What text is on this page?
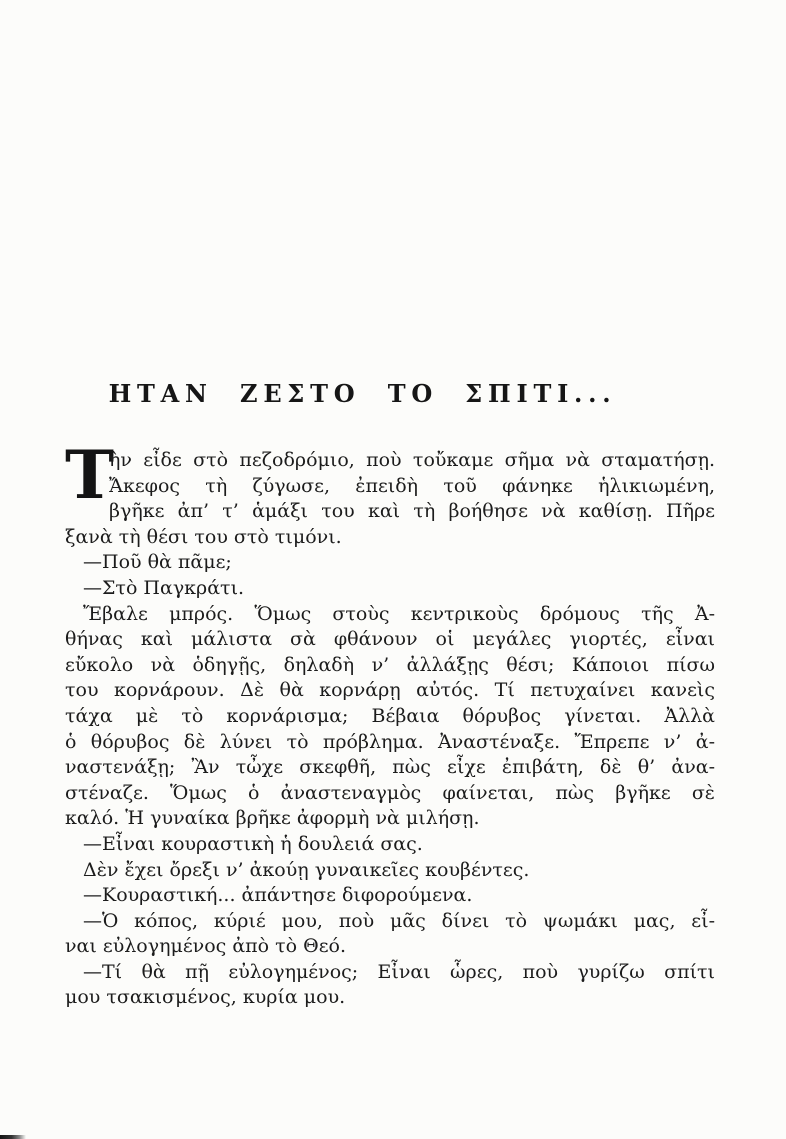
ΗΤΑΝ ΖΕΣΤΟ ΤΟ ΣΠΙΤΙ...
Τ
ὴν εἶδε στὸ πεζοδρόμιο, ποὺ τοὔκαμε σῆμα νὰ σταματήσῃ.
Ἄκεφος τὴ ζύγωσε, ἐπειδὴ τοῦ φάνηκε ἡλικιωμένη,
βγῆκε ἀπ’ τ’ ἁμάξι του καὶ τὴ βοήθησε νὰ καθίσῃ. Πῆρε
ξανὰ τὴ θέσι του στὸ τιμόνι.
—Ποῦ θὰ πᾶμε;
—Στὸ Παγκράτι.
Ἔβαλε μπρός. Ὅμως στοὺς κεντρικοὺς δρόμους τῆς Ἀ-
θήνας καὶ μάλιστα σὰ φθάνουν οἱ μεγάλες γιορτές, εἶναι
εὔκολο νὰ ὁδηγῇς, δηλαδὴ ν’ ἀλλάξῃς θέσι; Κάποιοι πίσω
του κορνάρουν. Δὲ θὰ κορνάρῃ αὐτός. Τί πετυχαίνει κανεὶς
τάχα μὲ τὸ κορνάρισμα; Βέβαια θόρυβος γίνεται. Ἀλλὰ
ὁ θόρυβος δὲ λύνει τὸ πρόβλημα. Ἀναστέναξε. Ἔπρεπε ν’ ἀ-
ναστενάξῃ; Ἂν τὦχε σκεφθῆ, πὼς εἶχε ἐπιβάτη, δὲ θ’ ἀνα-
στέναζε. Ὅμως ὁ ἀναστεναγμὸς φαίνεται, πὼς βγῆκε σὲ
καλό. Ἡ γυναίκα βρῆκε ἀφορμὴ νὰ μιλήσῃ.
—Εἶναι κουραστικὴ ἡ δουλειά σας.
Δὲν ἔχει ὄρεξι ν’ ἀκούῃ γυναικεῖες κουβέντες.
—Κουραστική... ἀπάντησε διφορούμενα.
—Ὁ κόπος, κύριέ μου, ποὺ μᾶς δίνει τὸ ψωμάκι μας, εἶ-
ναι εὐλογημένος ἀπὸ τὸ Θεό.
—Τί θὰ πῇ εὐλογημένος; Εἶναι ὧρες, ποὺ γυρίζω σπίτι
μου τσακισμένος, κυρία μου.
